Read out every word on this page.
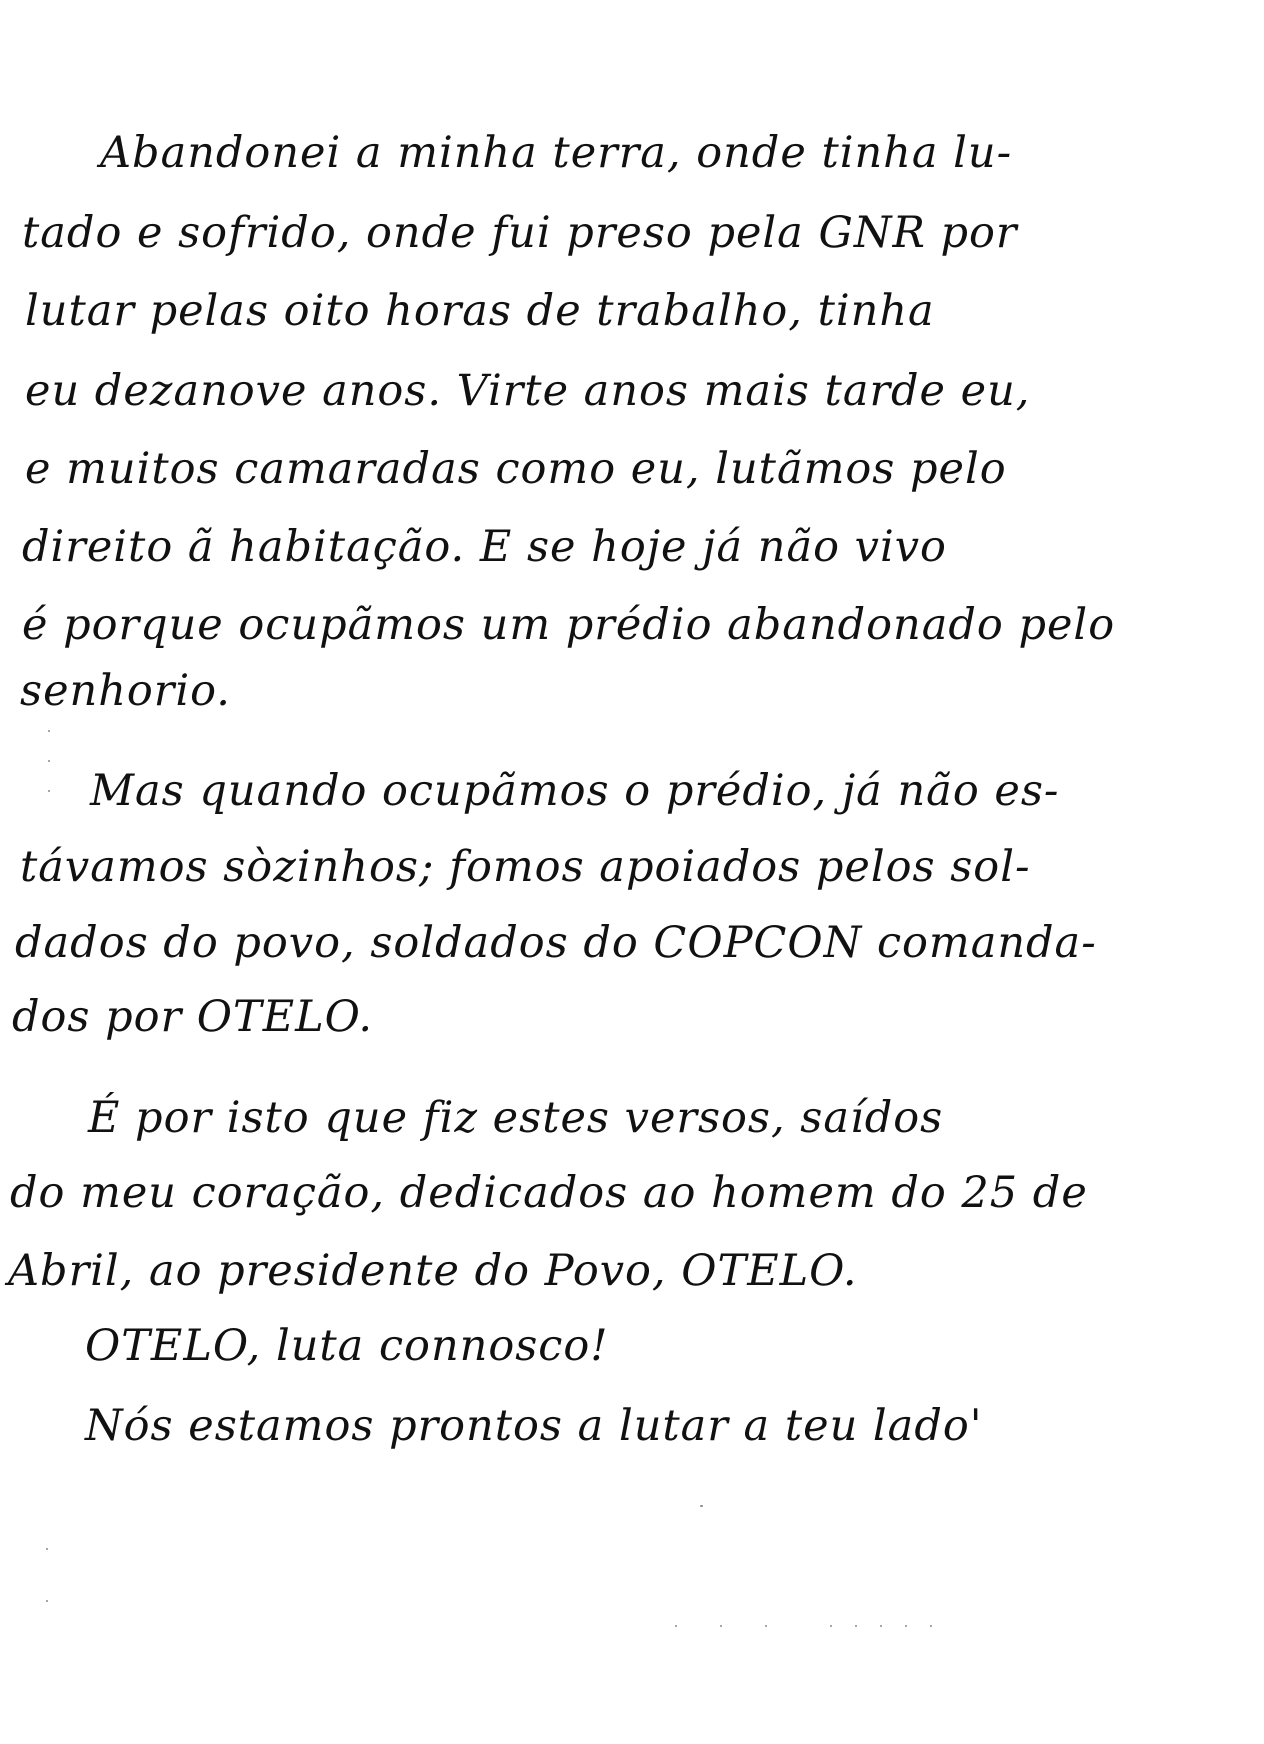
Abandonei a minha terra, onde tinha lu-
tado e sofrido, onde fui preso pela GNR por
lutar pelas oito horas de trabalho, tinha
eu dezanove anos. Virte anos mais tarde eu,
e muitos camaradas como eu, lutãmos pelo
direito ã habitação. E se hoje já não vivo
é porque ocupãmos um prédio abandonado pelo
senhorio.
Mas quando ocupãmos o prédio, já não es-
távamos sòzinhos; fomos apoiados pelos sol-
dados do povo, soldados do COPCON comanda-
dos por OTELO.
É por isto que fiz estes versos, saídos
do meu coração, dedicados ao homem do 25 de
Abril, ao presidente do Povo, OTELO.
OTELO, luta connosco!
Nós estamos prontos a lutar a teu lado'
